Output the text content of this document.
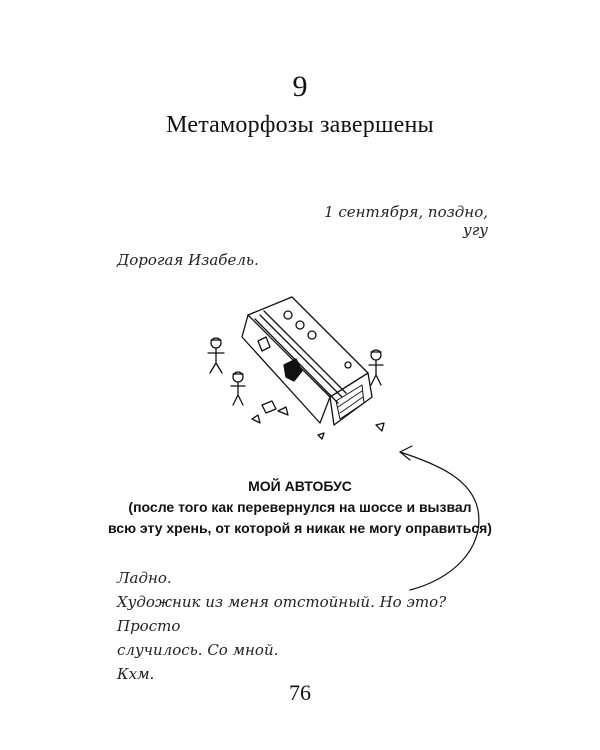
9
Метаморфозы завершены
1 сентября, поздно, угу
Дорогая Изабель.
МОЙ АВТОБУС
(после того как перевернулся на шоссе и вызвал
всю эту хрень, от которой я никак не могу оправиться)
Ладно.
Художник из меня отстойный. Но это? Просто
случилось. Со мной.
Кхм.
76
